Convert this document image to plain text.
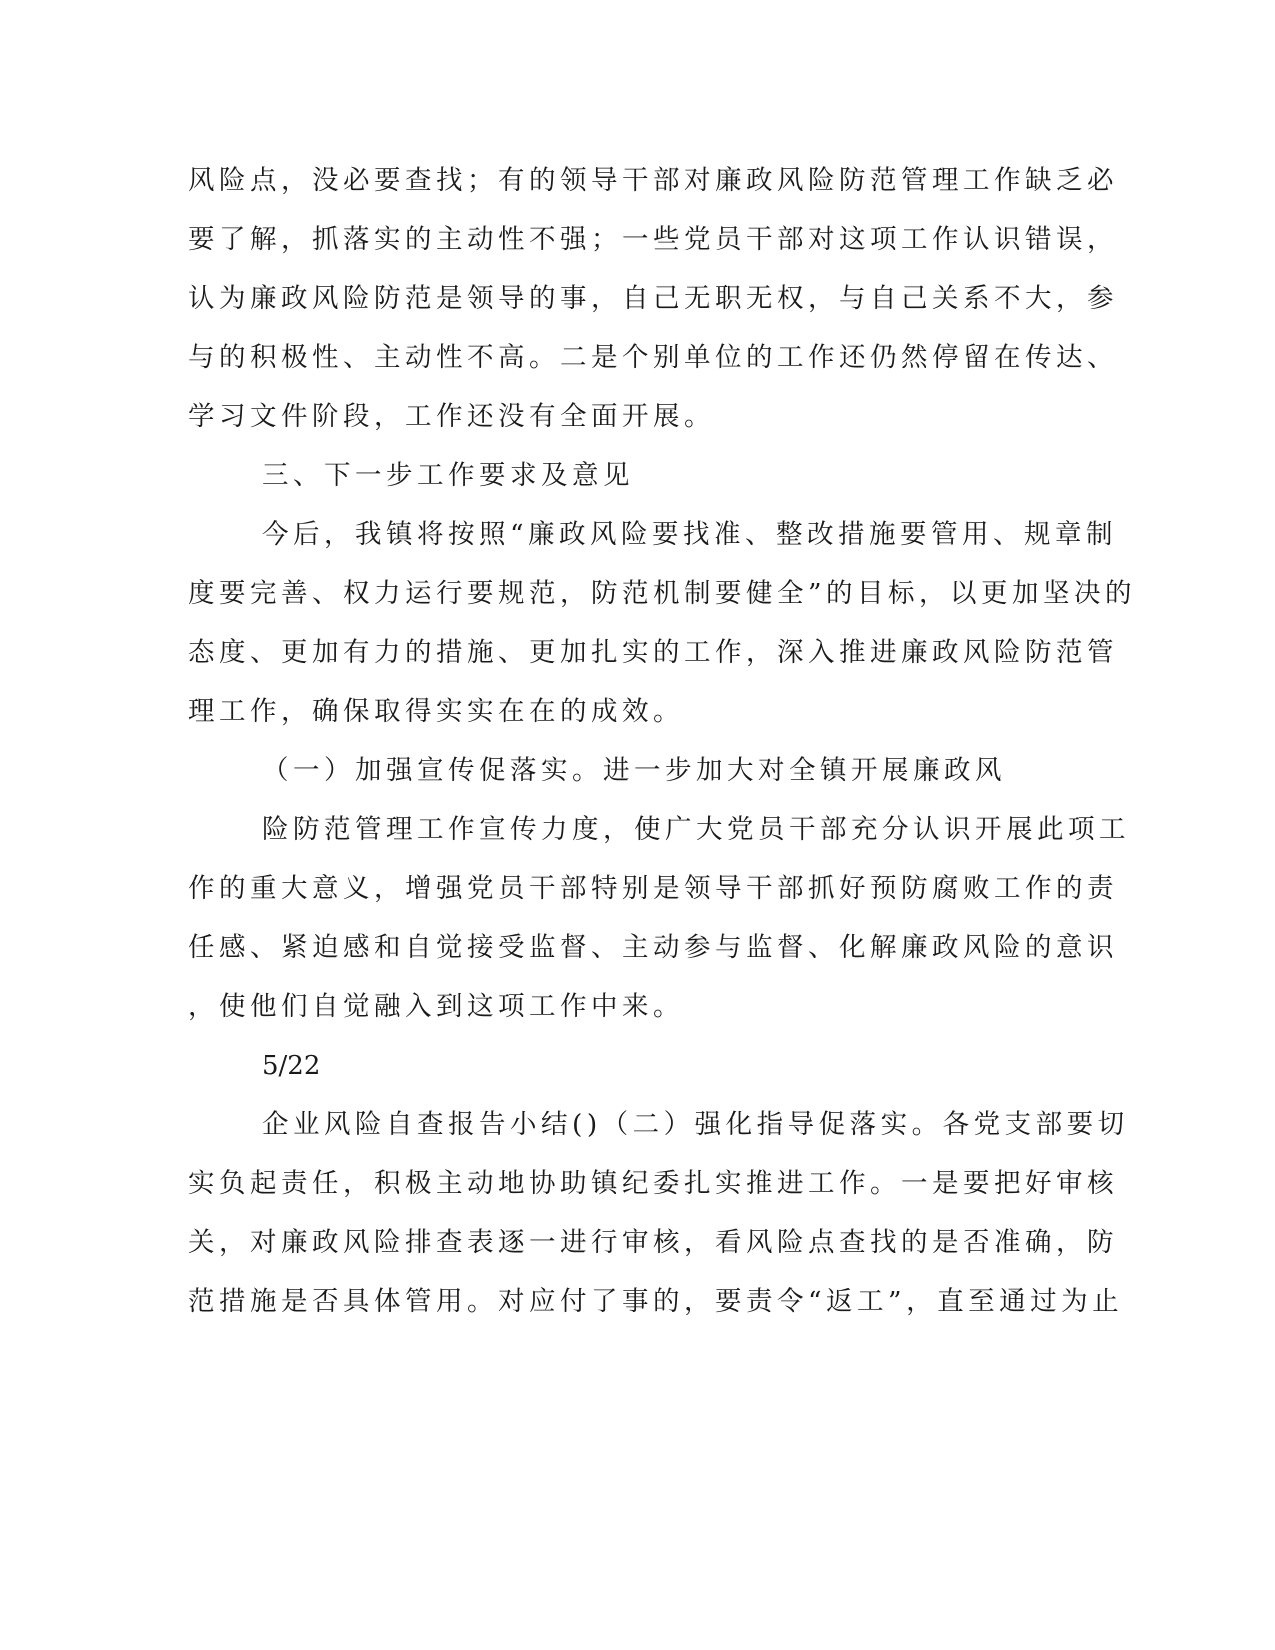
风险点，没必要查找；有的领导干部对廉政风险防范管理工作缺乏必
要了解，抓落实的主动性不强；一些党员干部对这项工作认识错误，
认为廉政风险防范是领导的事，自己无职无权，与自己关系不大，参
与的积极性、主动性不高。二是个别单位的工作还仍然停留在传达、
学习文件阶段，工作还没有全面开展。
三、下一步工作要求及意见
今后，我镇将按照“廉政风险要找准、整改措施要管用、规章制
度要完善、权力运行要规范，防范机制要健全”的目标，以更加坚决的
态度、更加有力的措施、更加扎实的工作，深入推进廉政风险防范管
理工作，确保取得实实在在的成效。
（一）加强宣传促落实。进一步加大对全镇开展廉政风
险防范管理工作宣传力度，使广大党员干部充分认识开展此项工
作的重大意义，增强党员干部特别是领导干部抓好预防腐败工作的责
任感、紧迫感和自觉接受监督、主动参与监督、化解廉政风险的意识
，使他们自觉融入到这项工作中来。
5/22
企业风险自查报告小结()（二）强化指导促落实。各党支部要切
实负起责任，积极主动地协助镇纪委扎实推进工作。一是要把好审核
关，对廉政风险排查表逐一进行审核，看风险点查找的是否准确，防
范措施是否具体管用。对应付了事的，要责令“返工”，直至通过为止
